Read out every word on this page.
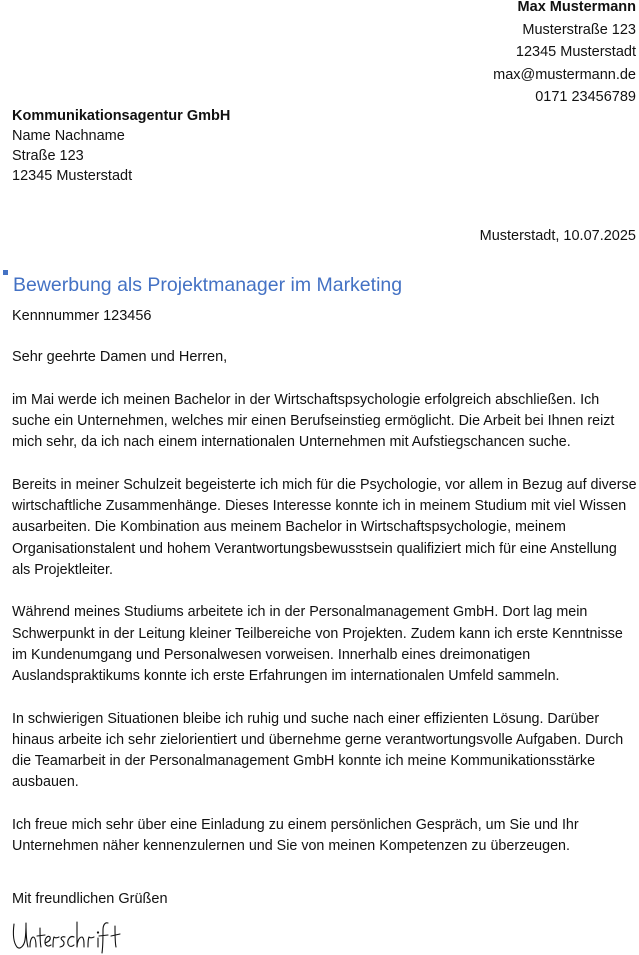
Max Mustermann
Musterstraße 123
12345 Musterstadt
max@mustermann.de
0171 23456789
Kommunikationsagentur GmbH
Name Nachname
Straße 123
12345 Musterstadt
Musterstadt, 10.07.2025
Bewerbung als Projektmanager im Marketing
Kennnummer 123456
Sehr geehrte Damen und Herren,

im Mai werde ich meinen Bachelor in der Wirtschaftspsychologie erfolgreich abschließen. Ich suche ein Unternehmen, welches mir einen Berufseinstieg ermöglicht. Die Arbeit bei Ihnen reizt mich sehr, da ich nach einem internationalen Unternehmen mit Aufstiegschancen suche.

Bereits in meiner Schulzeit begeisterte ich mich für die Psychologie, vor allem in Bezug auf diverse wirtschaftliche Zusammenhänge. Dieses Interesse konnte ich in meinem Studium mit viel Wissen ausarbeiten. Die Kombination aus meinem Bachelor in Wirtschaftspsychologie, meinem Organisationstalent und hohem Verantwortungsbewusstsein qualifiziert mich für eine Anstellung als Projektleiter.

Während meines Studiums arbeitete ich in der Personalmanagement GmbH. Dort lag mein Schwerpunkt in der Leitung kleiner Teilbereiche von Projekten. Zudem kann ich erste Kenntnisse im Kundenumgang und Personalwesen vorweisen. Innerhalb eines dreimonatigen Auslandspraktikums konnte ich erste Erfahrungen im internationalen Umfeld sammeln.

In schwierigen Situationen bleibe ich ruhig und suche nach einer effizienten Lösung. Darüber hinaus arbeite ich sehr zielorientiert und übernehme gerne verantwortungsvolle Aufgaben. Durch die Teamarbeit in der Personalmanagement GmbH konnte ich meine Kommunikationsstärke ausbauen.

Ich freue mich sehr über eine Einladung zu einem persönlichen Gespräch, um Sie und Ihr Unternehmen näher kennenzulernen und Sie von meinen Kompetenzen zu überzeugen.

Mit freundlichen Grüßen
